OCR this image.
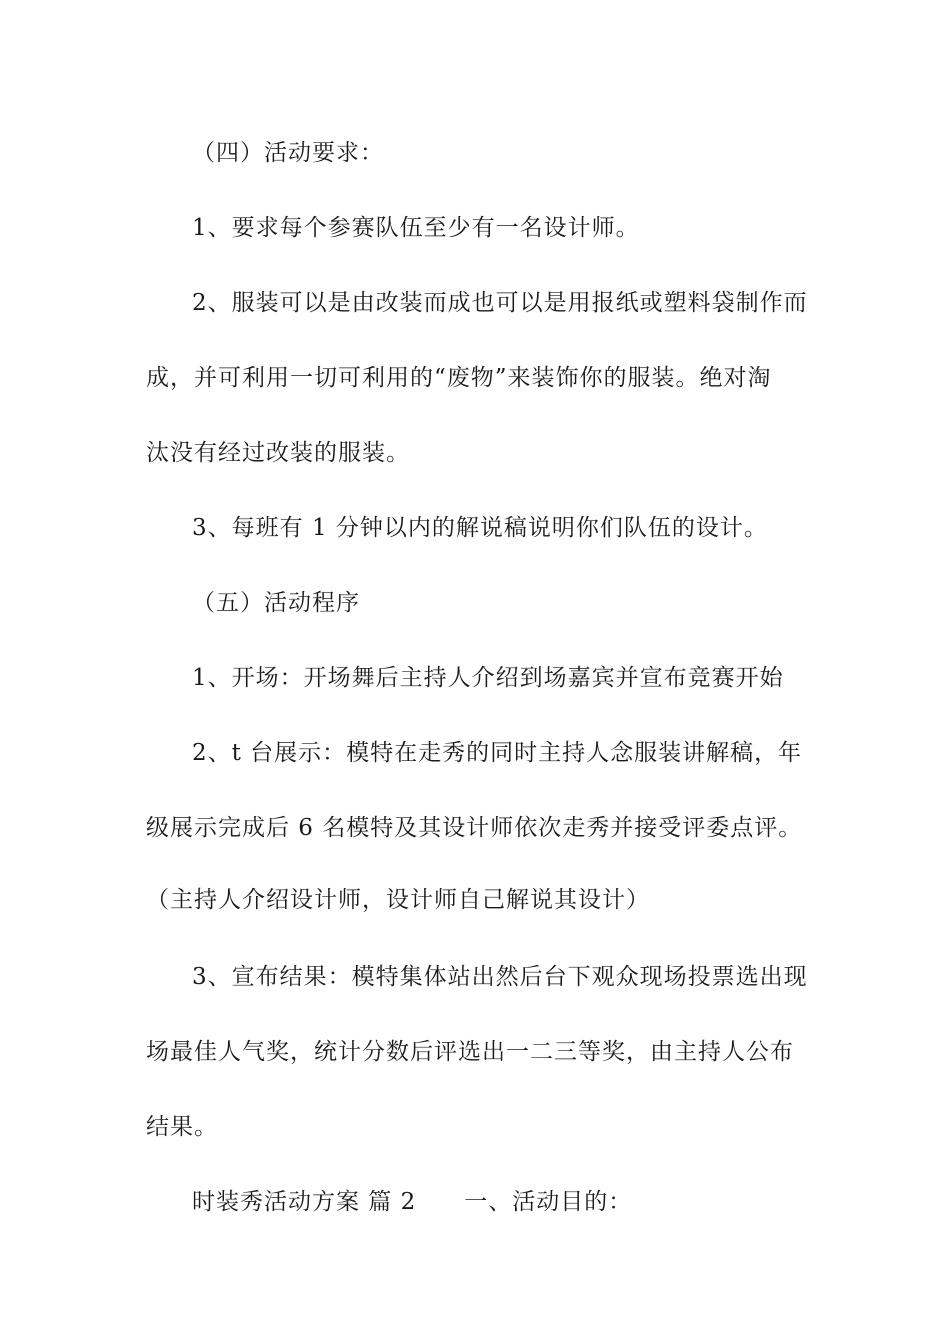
（四）活动要求：
1、要求每个参赛队伍至少有一名设计师。
2、服装可以是由改装而成也可以是用报纸或塑料袋制作而
成，并可利用一切可利用的“废物”来装饰你的服装。绝对淘
汰没有经过改装的服装。
3、每班有 1 分钟以内的解说稿说明你们队伍的设计。
（五）活动程序
1、开场：开场舞后主持人介绍到场嘉宾并宣布竞赛开始
2、t 台展示：模特在走秀的同时主持人念服装讲解稿，年
级展示完成后 6 名模特及其设计师依次走秀并接受评委点评。
（主持人介绍设计师，设计师自己解说其设计）
3、宣布结果：模特集体站出然后台下观众现场投票选出现
场最佳人气奖，统计分数后评选出一二三等奖，由主持人公布
结果。
时装秀活动方案 篇 2 一、活动目的：
